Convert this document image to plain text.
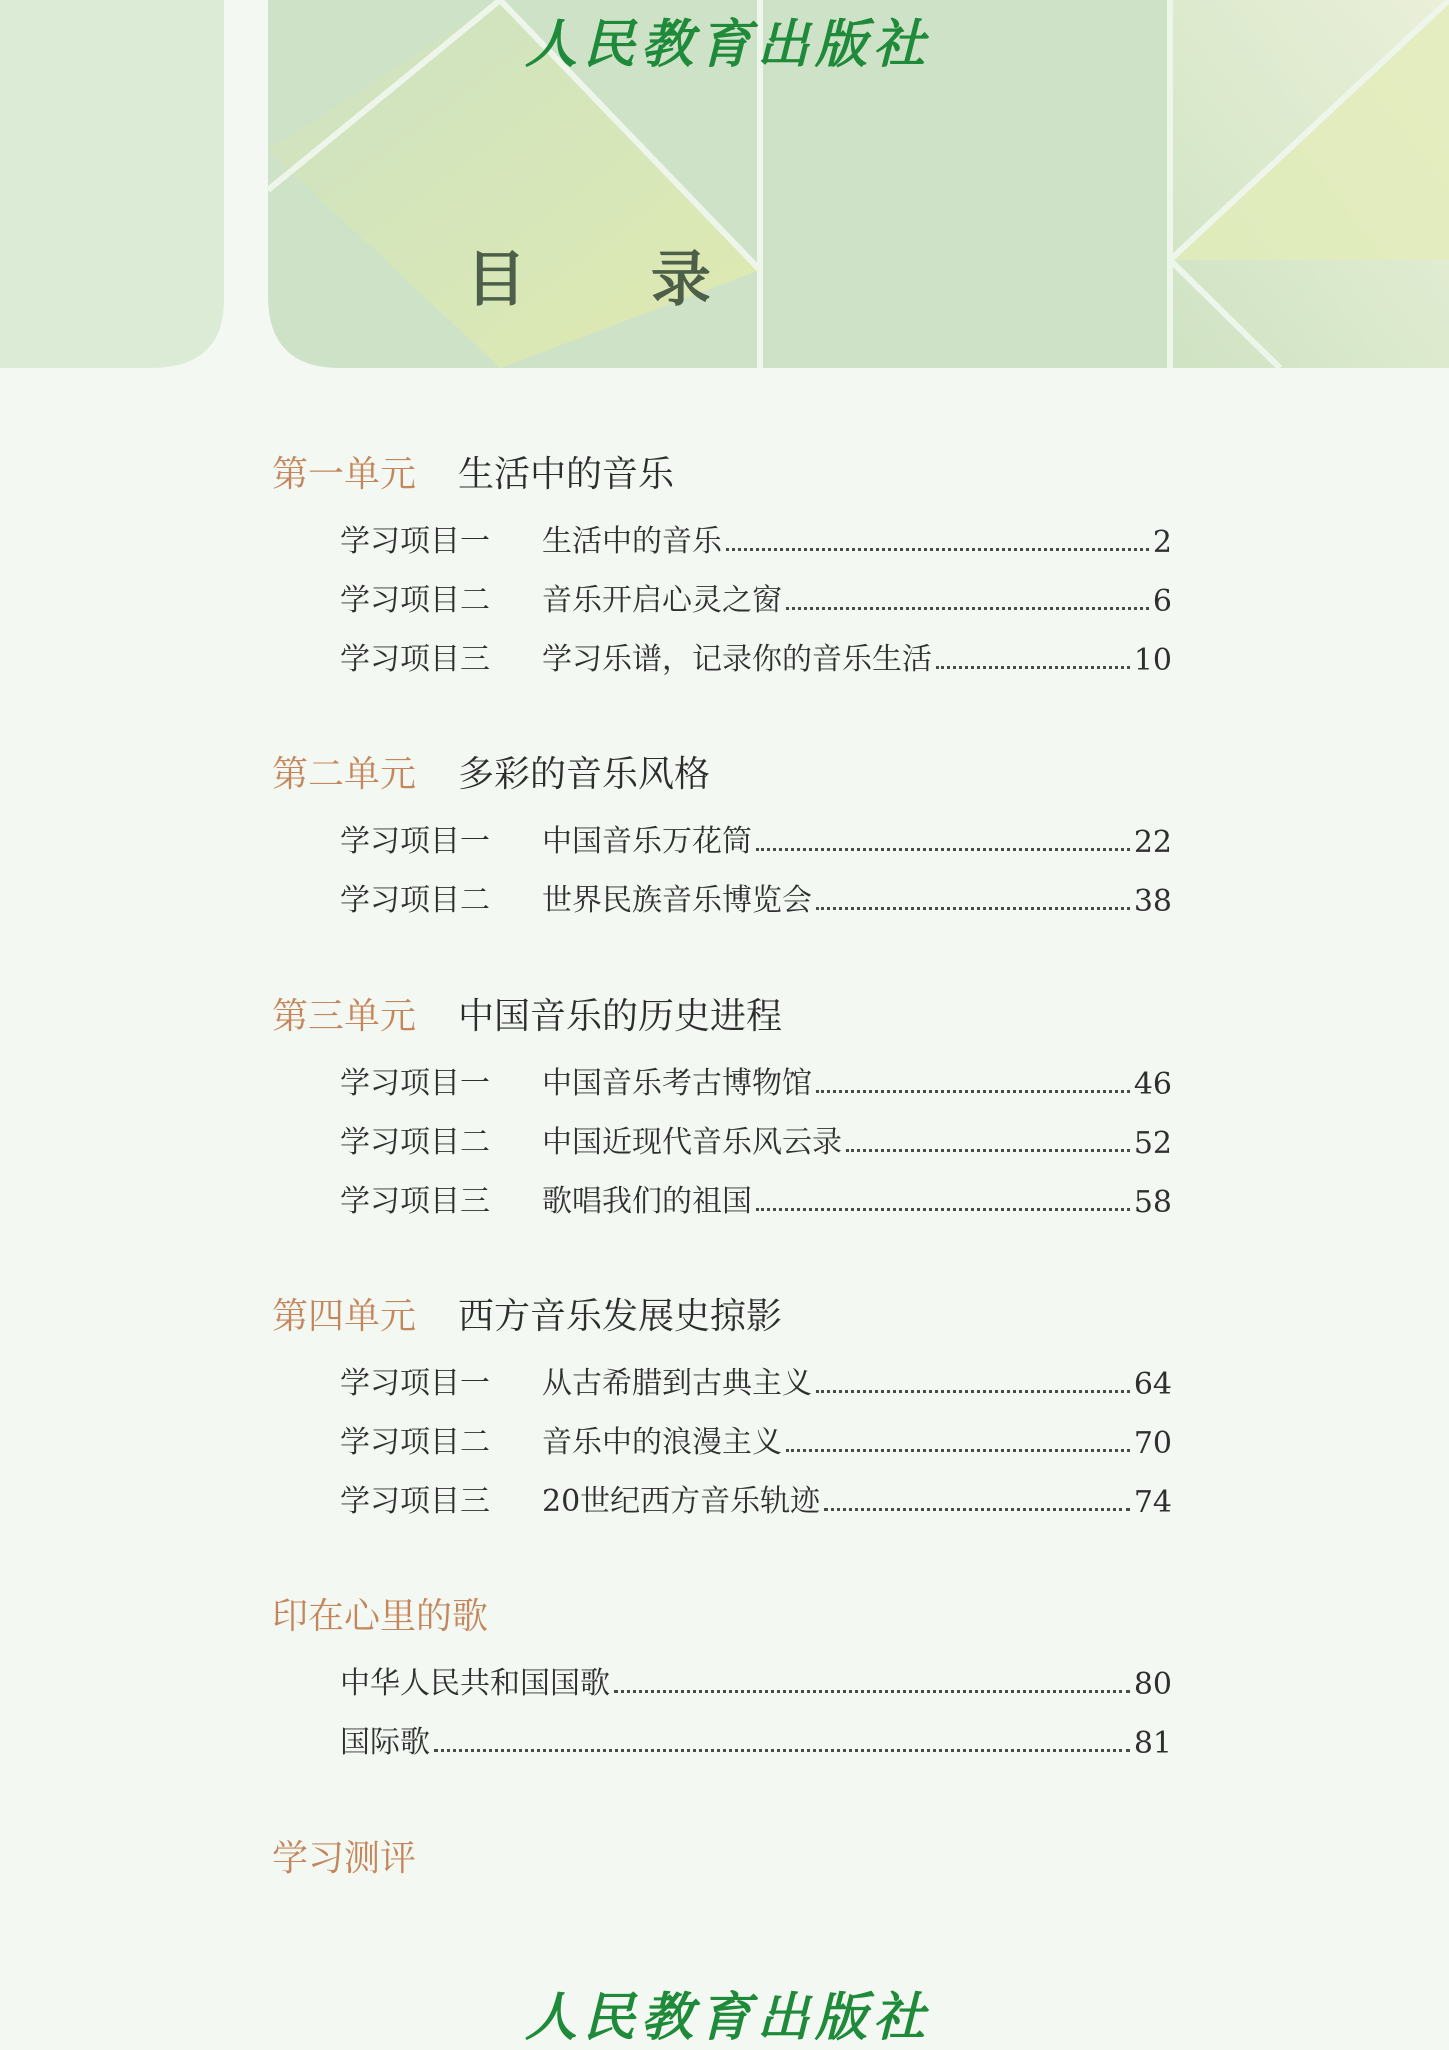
人民教育出版社
目 录
第一单元 生活中的音乐
学习项目一	生活中的音乐	2
学习项目二	音乐开启心灵之窗	6
学习项目三	学习乐谱，记录你的音乐生活	10
第二单元 多彩的音乐风格
学习项目一	中国音乐万花筒	22
学习项目二	世界民族音乐博览会	38
第三单元 中国音乐的历史进程
学习项目一	中国音乐考古博物馆	46
学习项目二	中国近现代音乐风云录	52
学习项目三	歌唱我们的祖国	58
第四单元 西方音乐发展史掠影
学习项目一	从古希腊到古典主义	64
学习项目二	音乐中的浪漫主义	70
学习项目三	20世纪西方音乐轨迹	74
印在心里的歌
中华人民共和国国歌	80
国际歌	81
学习测评
人民教育出版社
